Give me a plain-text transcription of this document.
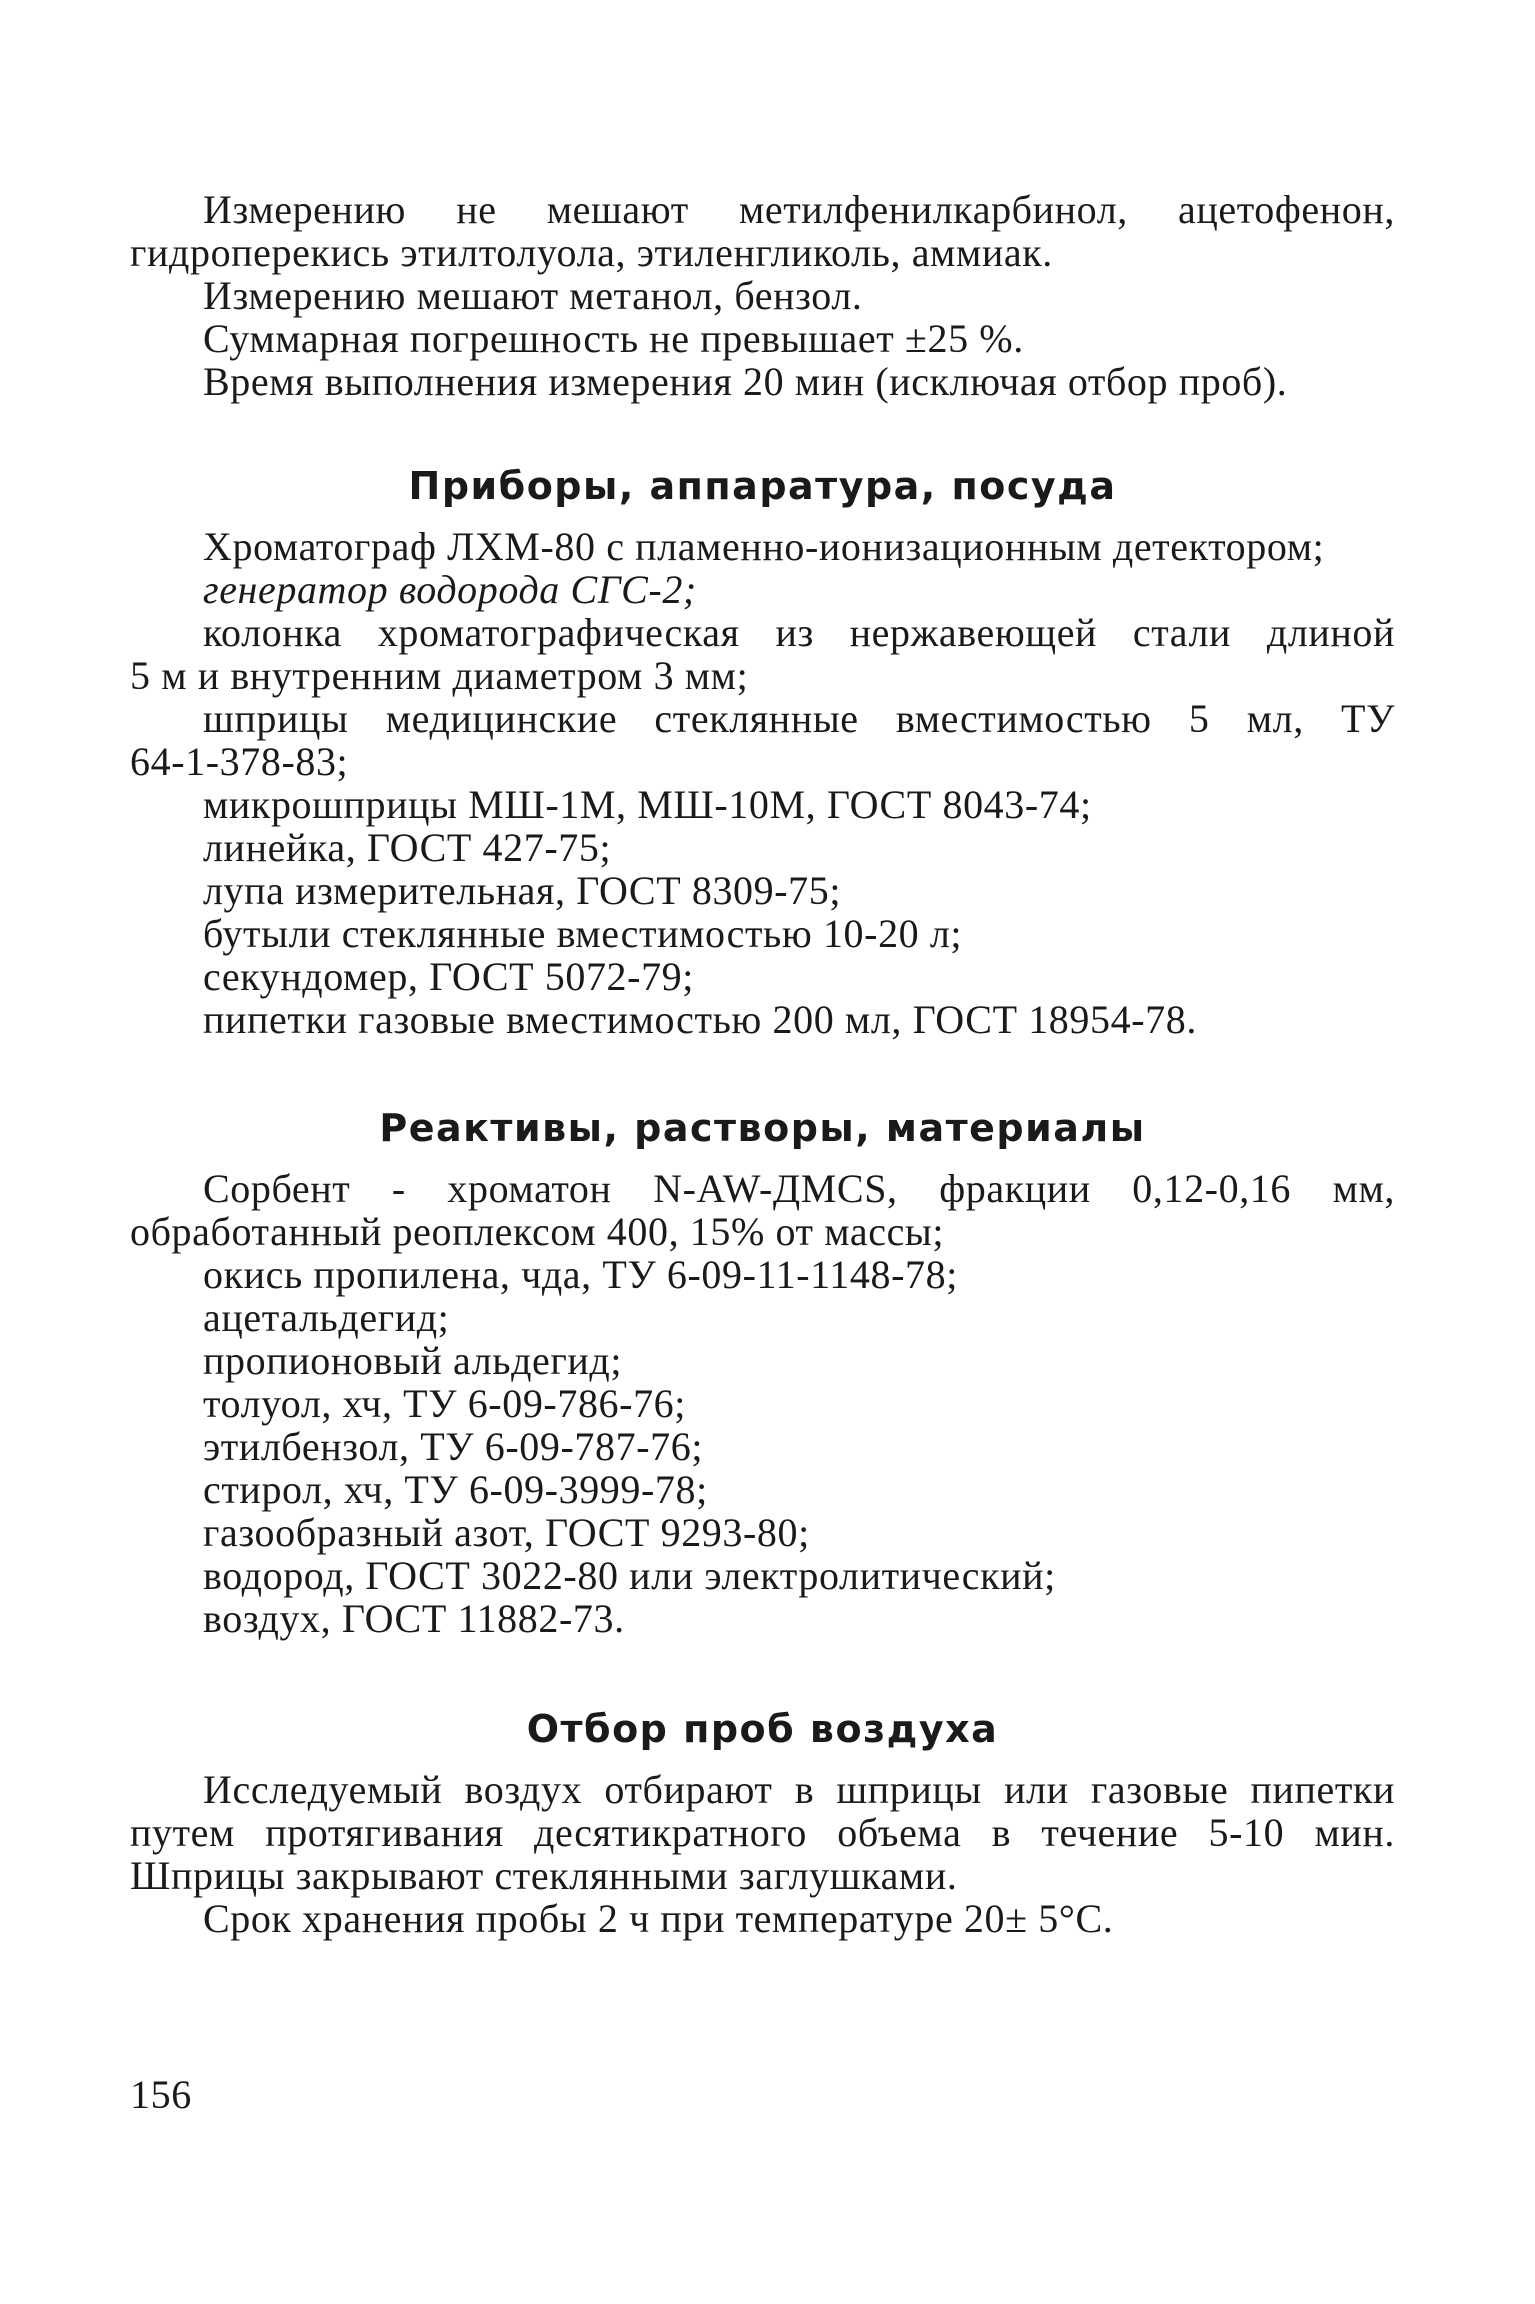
Измерению не мешают метилфенилкарбинол, ацетофенон,

гидроперекись этилтолуола, этиленгликоль, аммиак.

Измерению мешают метанол, бензол.

Суммарная погрешность не превышает ±25 %.

Время выполнения измерения 20 мин (исключая отбор проб).

Приборы, аппаратура, посуда

Хроматограф ЛХМ-80 с пламенно-ионизационным детектором;

генератор водорода СГС-2;

колонка хроматографическая из нержавеющей стали длиной

5 м и внутренним диаметром 3 мм;

шприцы медицинские стеклянные вместимостью 5 мл, ТУ

64-1-378-83;

микрошприцы МШ-1М, МШ-10М, ГОСТ 8043-74;

линейка, ГОСТ 427-75;

лупа измерительная, ГОСТ 8309-75;

бутыли стеклянные вместимостью 10-20 л;

секундомер, ГОСТ 5072-79;

пипетки газовые вместимостью 200 мл, ГОСТ 18954-78.

Реактивы, растворы, материалы

Сорбент - хроматон N-AW-ДМСS, фракции 0,12-0,16 мм,

обработанный реоплексом 400, 15% от массы;

окись пропилена, чда, ТУ 6-09-11-1148-78;

ацетальдегид;

пропионовый альдегид;

толуол, хч, ТУ 6-09-786-76;

этилбензол, ТУ 6-09-787-76;

стирол, хч, ТУ 6-09-3999-78;

газообразный азот, ГОСТ 9293-80;

водород, ГОСТ 3022-80 или электролитический;

воздух, ГОСТ 11882-73.

Отбор проб воздуха

Исследуемый воздух отбирают в шприцы или газовые пипетки

путем протягивания десятикратного объема в течение 5-10 мин.

Шприцы закрывают стеклянными заглушками.

Срок хранения пробы 2 ч при температуре 20± 5°С.

156
